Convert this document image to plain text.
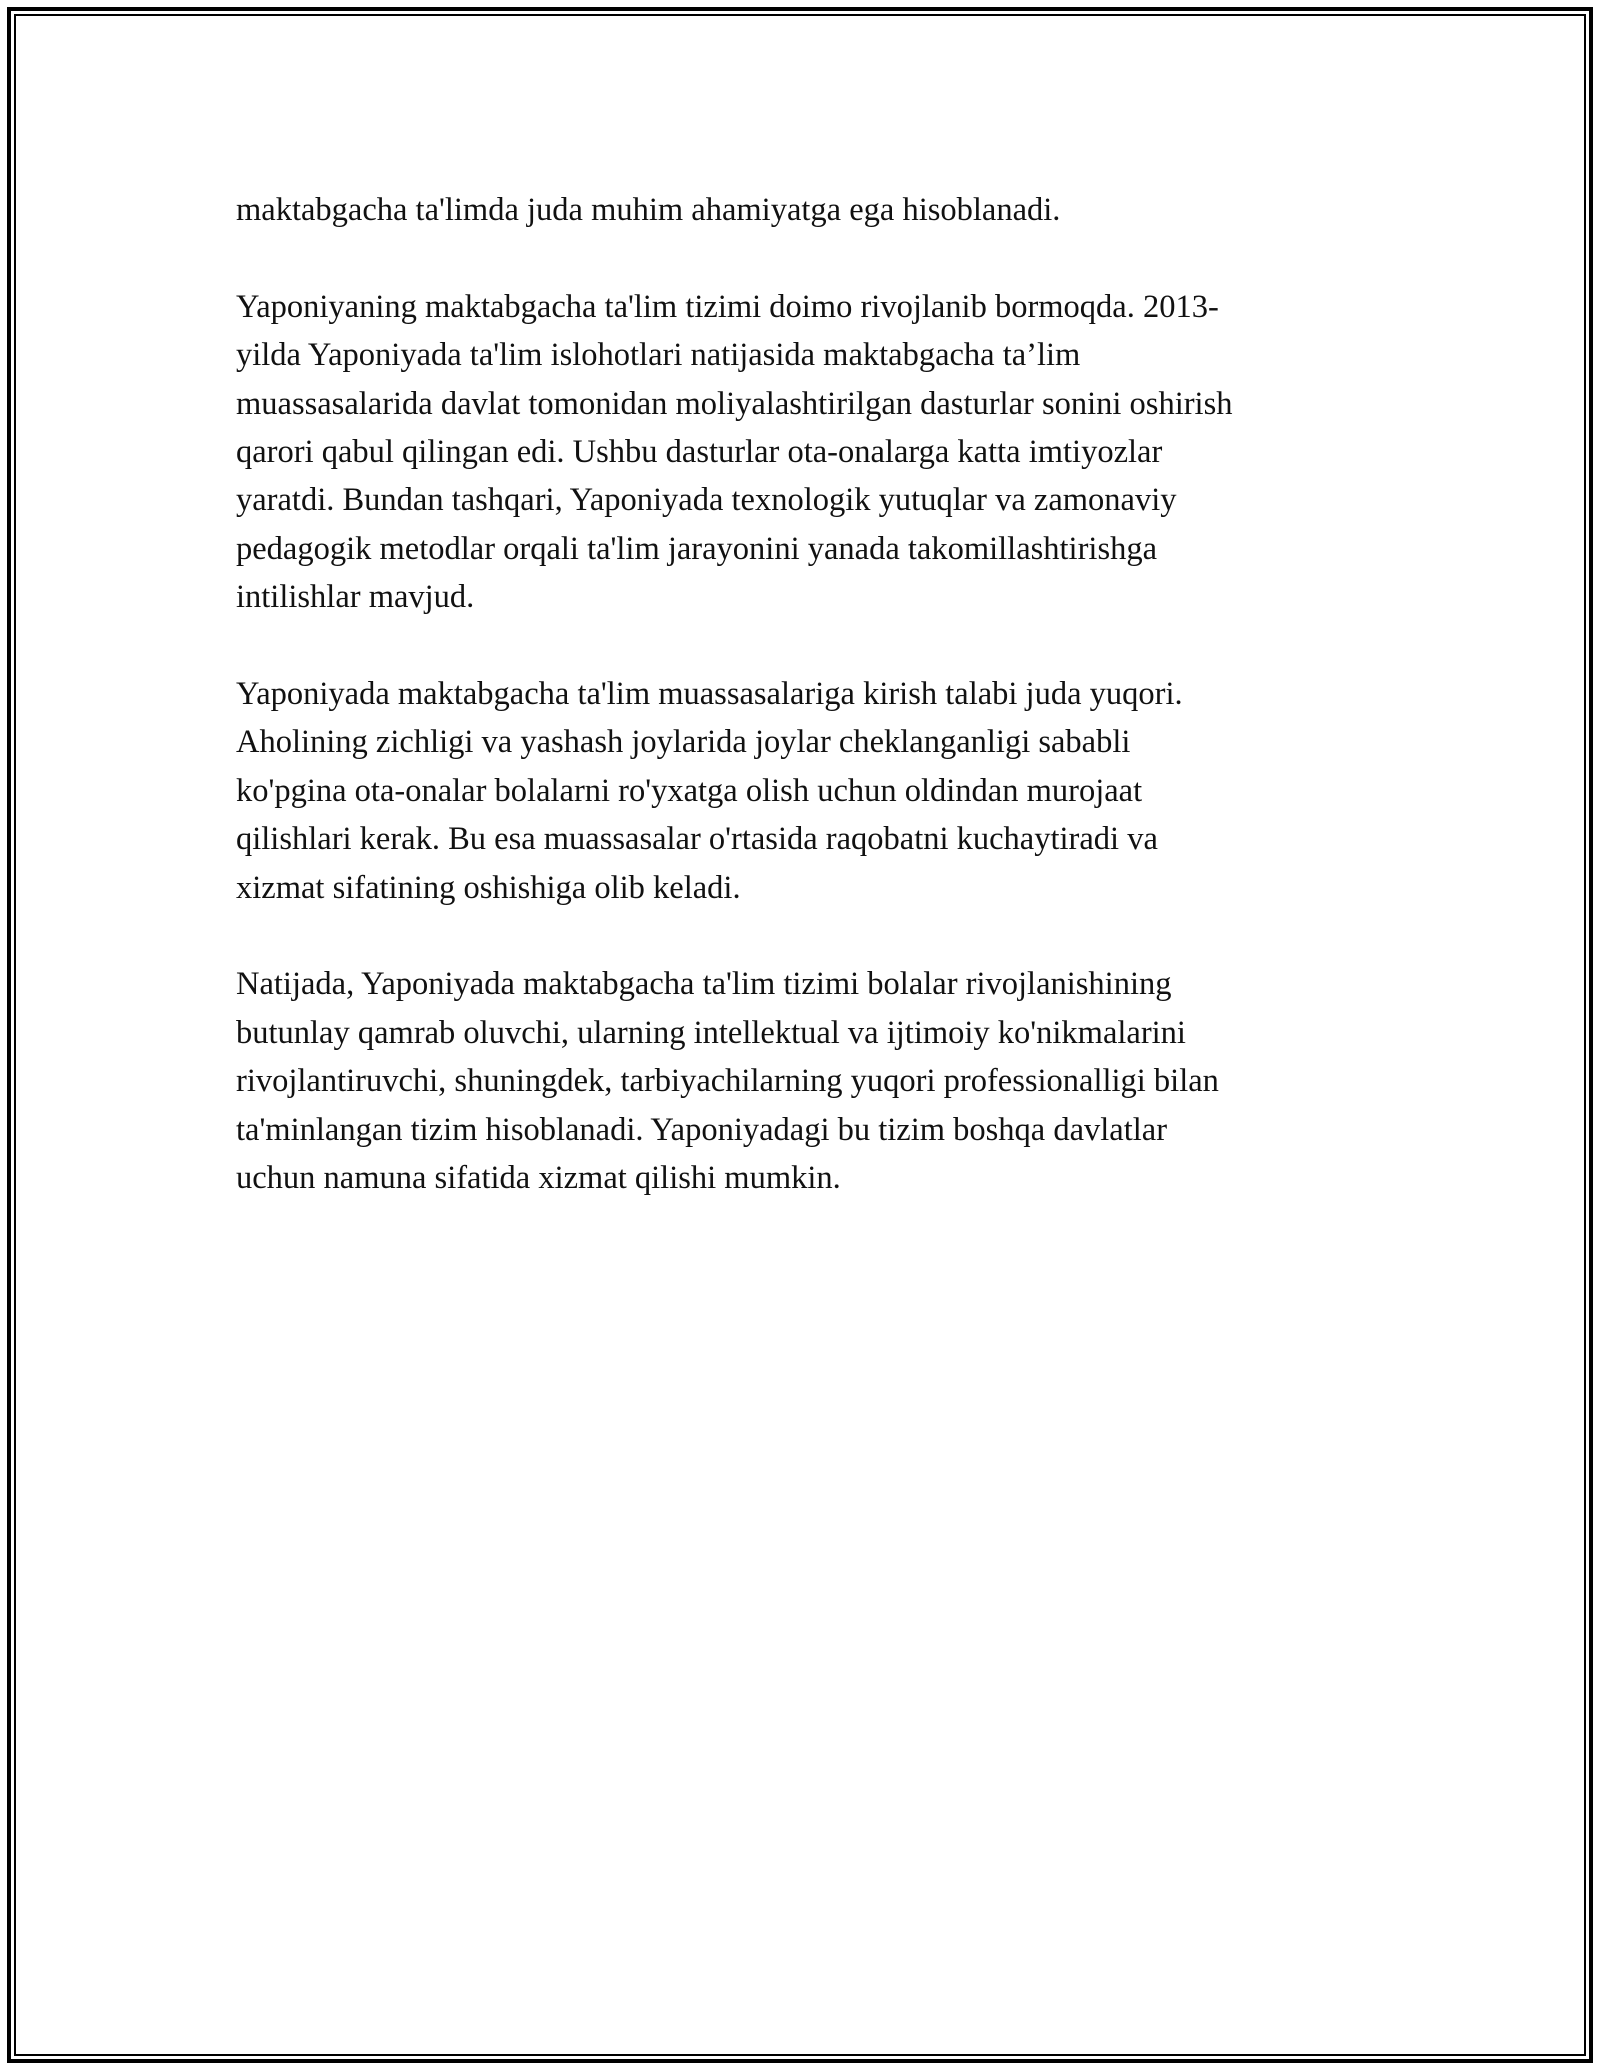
maktabgacha ta'limda juda muhim ahamiyatga ega hisoblanadi.

Yaponiyaning maktabgacha ta'lim tizimi doimo rivojlanib bormoqda. 2013-
yilda Yaponiyada ta'lim islohotlari natijasida maktabgacha ta’lim
muassasalarida davlat tomonidan moliyalashtirilgan dasturlar sonini oshirish
qarori qabul qilingan edi. Ushbu dasturlar ota-onalarga katta imtiyozlar
yaratdi. Bundan tashqari, Yaponiyada texnologik yutuqlar va zamonaviy
pedagogik metodlar orqali ta'lim jarayonini yanada takomillashtirishga
intilishlar mavjud.

Yaponiyada maktabgacha ta'lim muassasalariga kirish talabi juda yuqori.
Aholining zichligi va yashash joylarida joylar cheklanganligi sababli
ko'pgina ota-onalar bolalarni ro'yxatga olish uchun oldindan murojaat
qilishlari kerak. Bu esa muassasalar o'rtasida raqobatni kuchaytiradi va
xizmat sifatining oshishiga olib keladi.

Natijada, Yaponiyada maktabgacha ta'lim tizimi bolalar rivojlanishining
butunlay qamrab oluvchi, ularning intellektual va ijtimoiy ko'nikmalarini
rivojlantiruvchi, shuningdek, tarbiyachilarning yuqori professionalligi bilan
ta'minlangan tizim hisoblanadi. Yaponiyadagi bu tizim boshqa davlatlar
uchun namuna sifatida xizmat qilishi mumkin.
